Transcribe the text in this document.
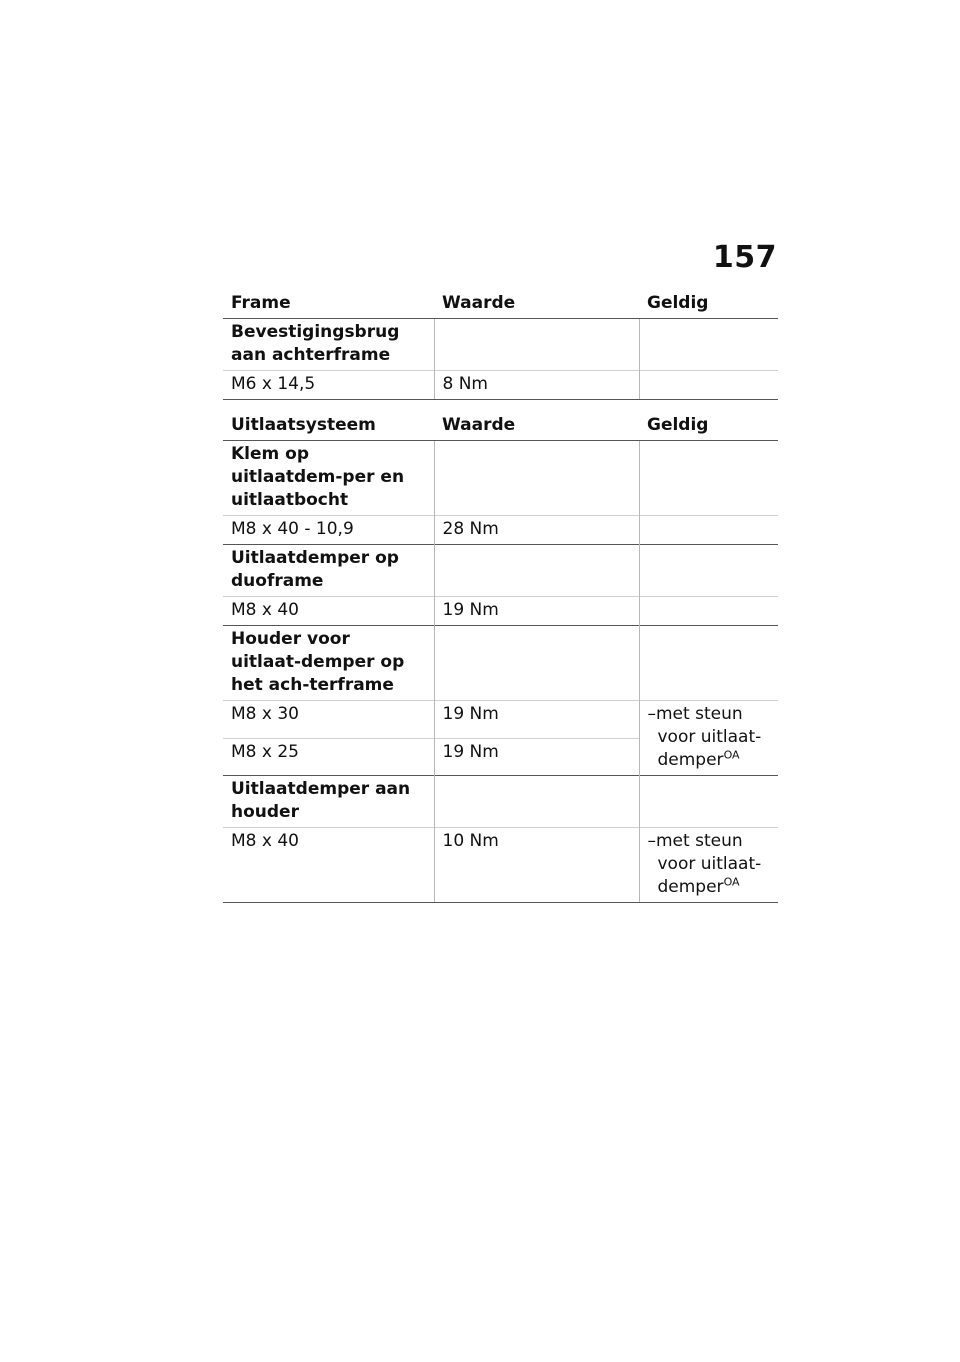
157
Frame	Waarde	Geldig
Bevestigingsbrug aan achterframe		
M6 x 14,5	8 Nm	
Uitlaatsysteem	Waarde	Geldig
Klem op uitlaatdem-per en uitlaatbocht		
M8 x 40 - 10,9	28 Nm	
Uitlaatdemper op duoframe		
M8 x 40	19 Nm	
Houder voor uitlaat-demper op het ach-terframe		
M8 x 30	19 Nm	–met steun voor uitlaat-demper$^{OA}$

M8 x 25	19 Nm	
Uitlaatdemper aan houder		
M8 x 40	10 Nm	–met steun voor uitlaat-demper$^{OA}$
